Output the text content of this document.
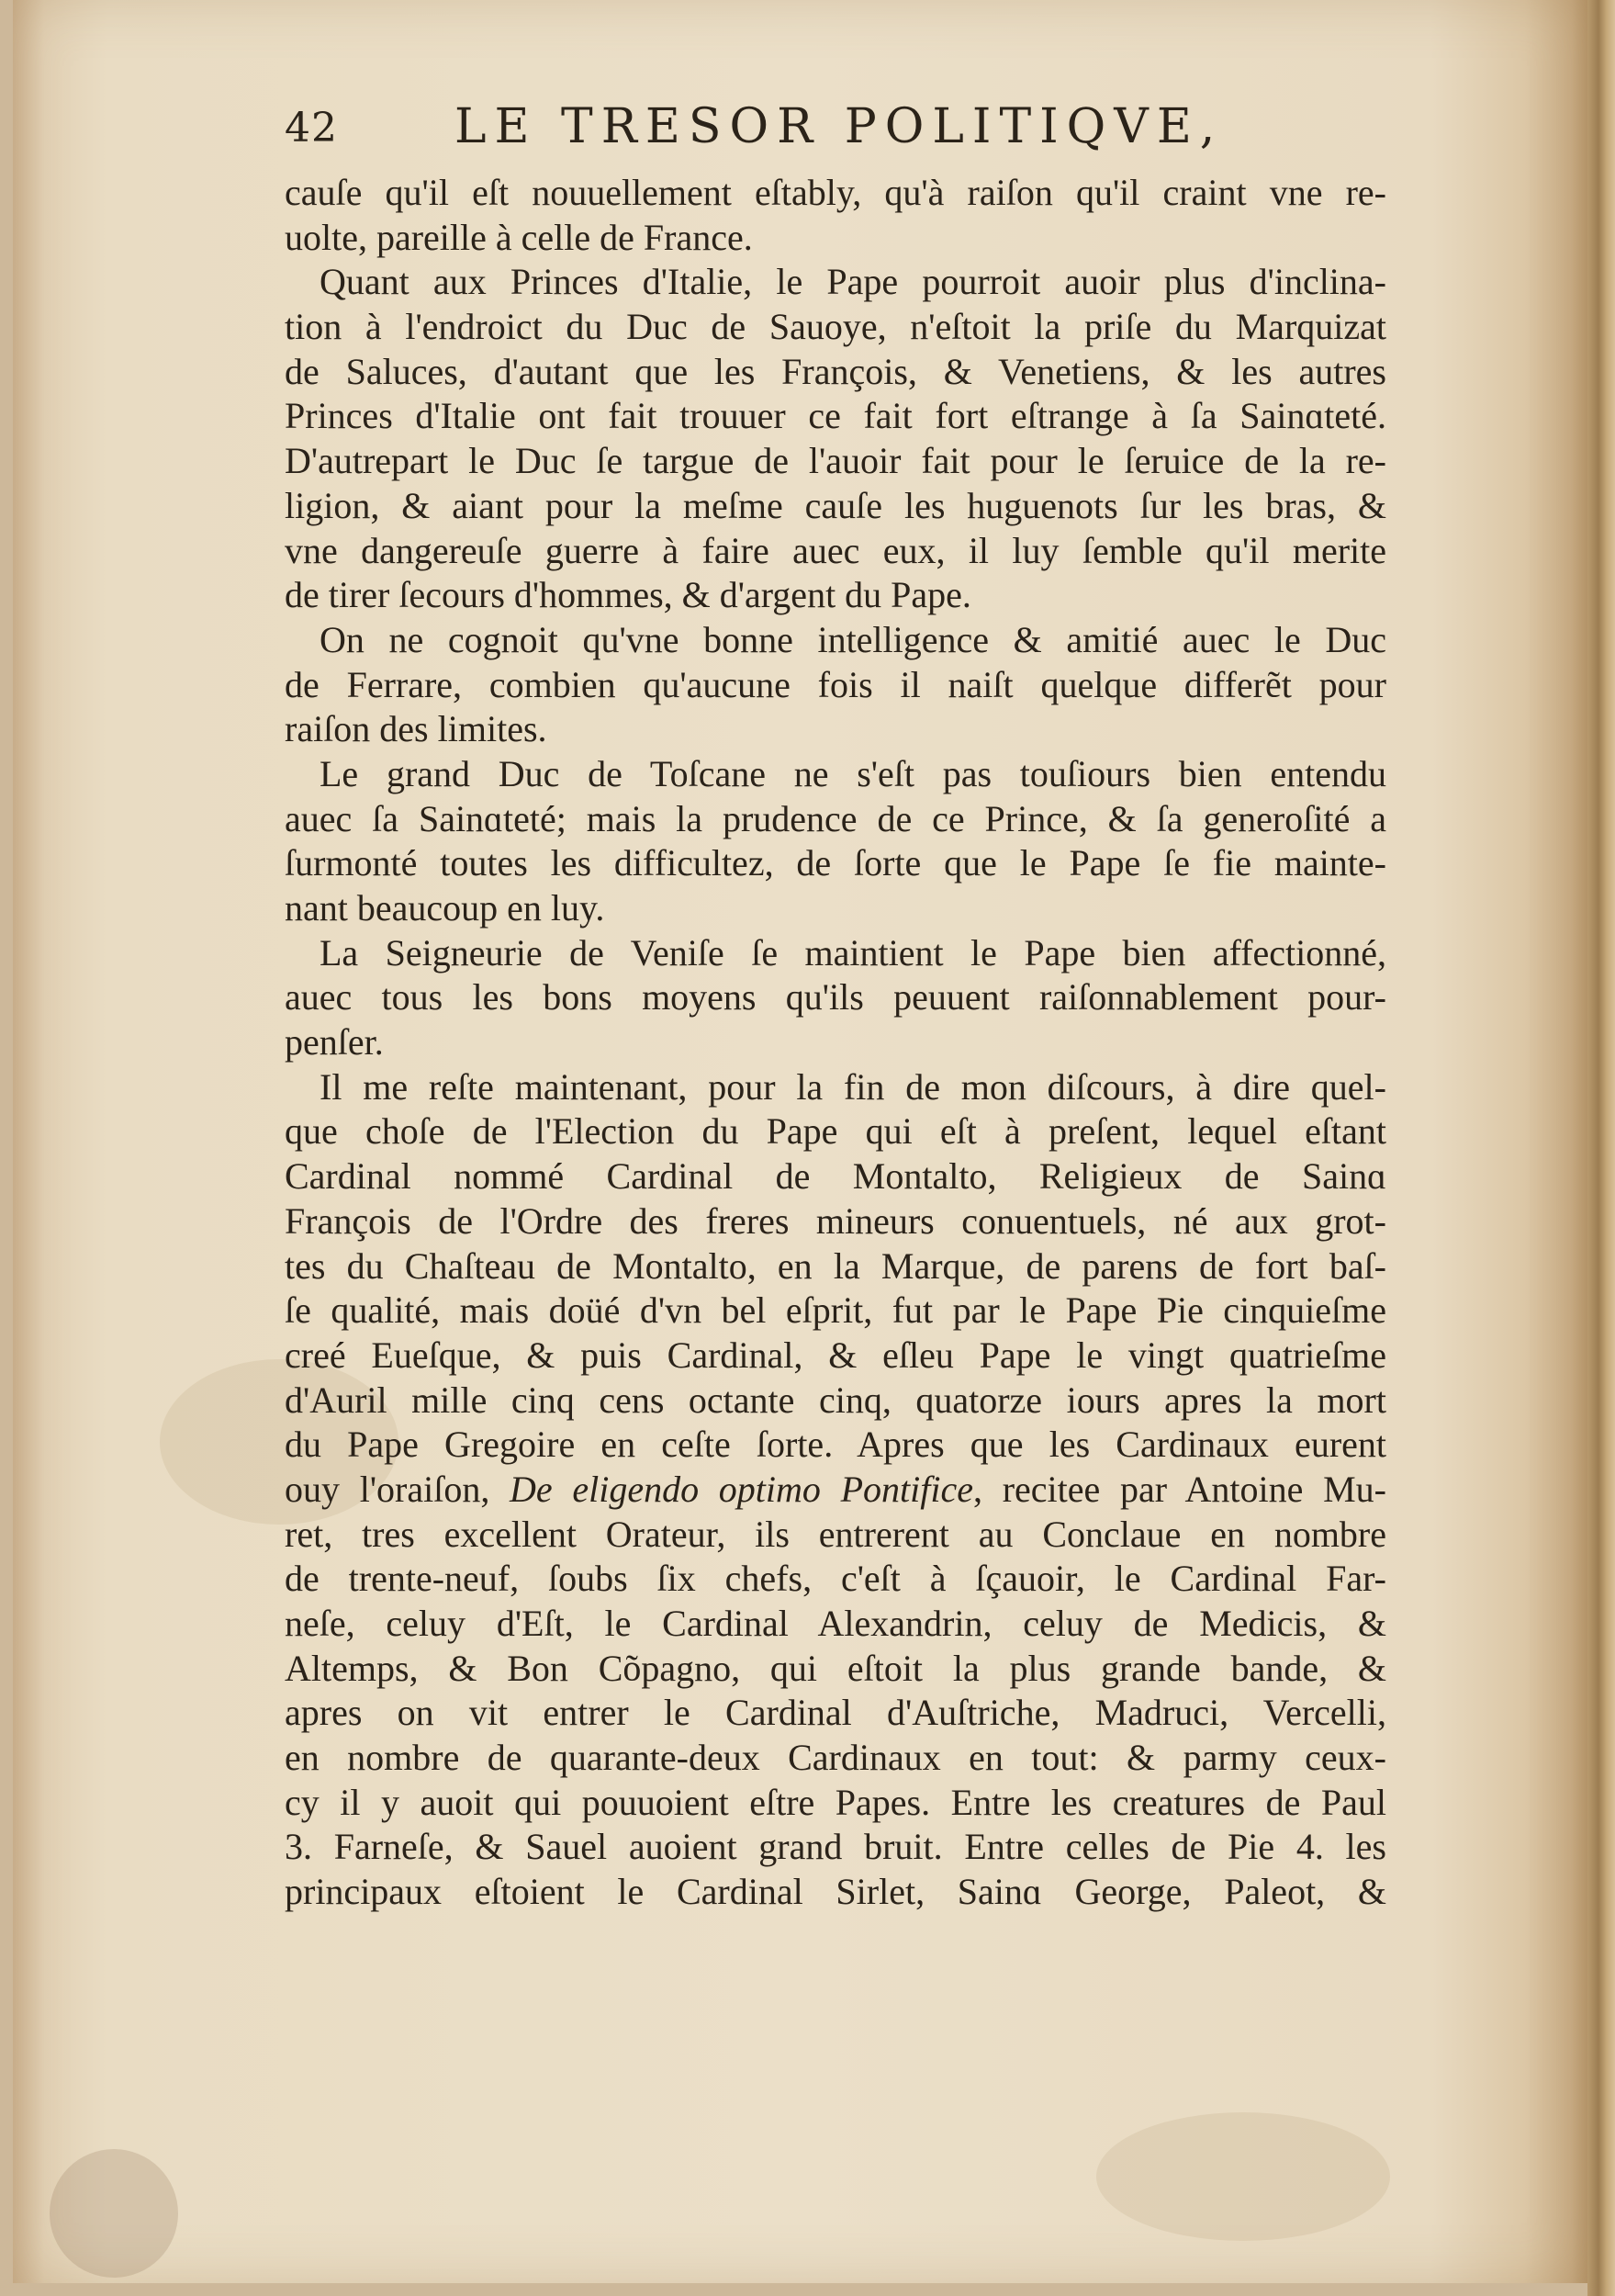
42 LE TRESOR POLITIQVE,
cauſe qu'il eſt nouuellement eſtably, qu'à raiſon qu'il craint vne re-
uolte, pareille à celle de France.
Quant aux Princes d'Italie, le Pape pourroit auoir plus d'inclina-
tion à l'endroict du Duc de Sauoye, n'eſtoit la priſe du Marquizat
de Saluces, d'autant que les François, & Venetiens, & les autres
Princes d'Italie ont fait trouuer ce fait fort eſtrange à ſa Sainɑteté.
D'autrepart le Duc ſe targue de l'auoir fait pour le ſeruice de la re-
ligion, & aiant pour la meſme cauſe les huguenots ſur les bras, &
vne dangereuſe guerre à faire auec eux, il luy ſemble qu'il merite
de tirer ſecours d'hommes, & d'argent du Pape.
On ne cognoit qu'vne bonne intelligence & amitié auec le Duc
de Ferrare, combien qu'aucune fois il naiſt quelque differẽt pour
raiſon des limites.
Le grand Duc de Toſcane ne s'eſt pas touſiours bien entendu
auec ſa Sainɑteté; mais la prudence de ce Prince, & ſa generoſité a
ſurmonté toutes les difficultez, de ſorte que le Pape ſe fie mainte-
nant beaucoup en luy.
La Seigneurie de Veniſe ſe maintient le Pape bien affectionné,
auec tous les bons moyens qu'ils peuuent raiſonnablement pour-
penſer.
Il me reſte maintenant, pour la fin de mon diſcours, à dire quel-
que choſe de l'Election du Pape qui eſt à preſent, lequel eſtant
Cardinal nommé Cardinal de Montalto, Religieux de Sainɑ
François de l'Ordre des freres mineurs conuentuels, né aux grot-
tes du Chaſteau de Montalto, en la Marque, de parens de fort baſ-
ſe qualité, mais doüé d'vn bel eſprit, fut par le Pape Pie cinquieſme
creé Eueſque, & puis Cardinal, & eſleu Pape le vingt quatrieſme
d'Auril mille cinq cens octante cinq, quatorze iours apres la mort
du Pape Gregoire en ceſte ſorte. Apres que les Cardinaux eurent
ouy l'oraiſon, De eligendo optimo Pontifice, recitee par Antoine Mu-
ret, tres excellent Orateur, ils entrerent au Conclaue en nombre
de trente-neuf, ſoubs ſix chefs, c'eſt à ſçauoir, le Cardinal Far-
neſe, celuy d'Eſt, le Cardinal Alexandrin, celuy de Medicis, &
Altemps, & Bon Cõpagno, qui eſtoit la plus grande bande, &
apres on vit entrer le Cardinal d'Auſtriche, Madruci, Vercelli,
en nombre de quarante-deux Cardinaux en tout: & parmy ceux-
cy il y auoit qui pouuoient eſtre Papes. Entre les creatures de Paul
3. Farneſe, & Sauel auoient grand bruit. Entre celles de Pie 4. les
principaux eſtoient le Cardinal Sirlet, Sainɑ George, Paleot, &
